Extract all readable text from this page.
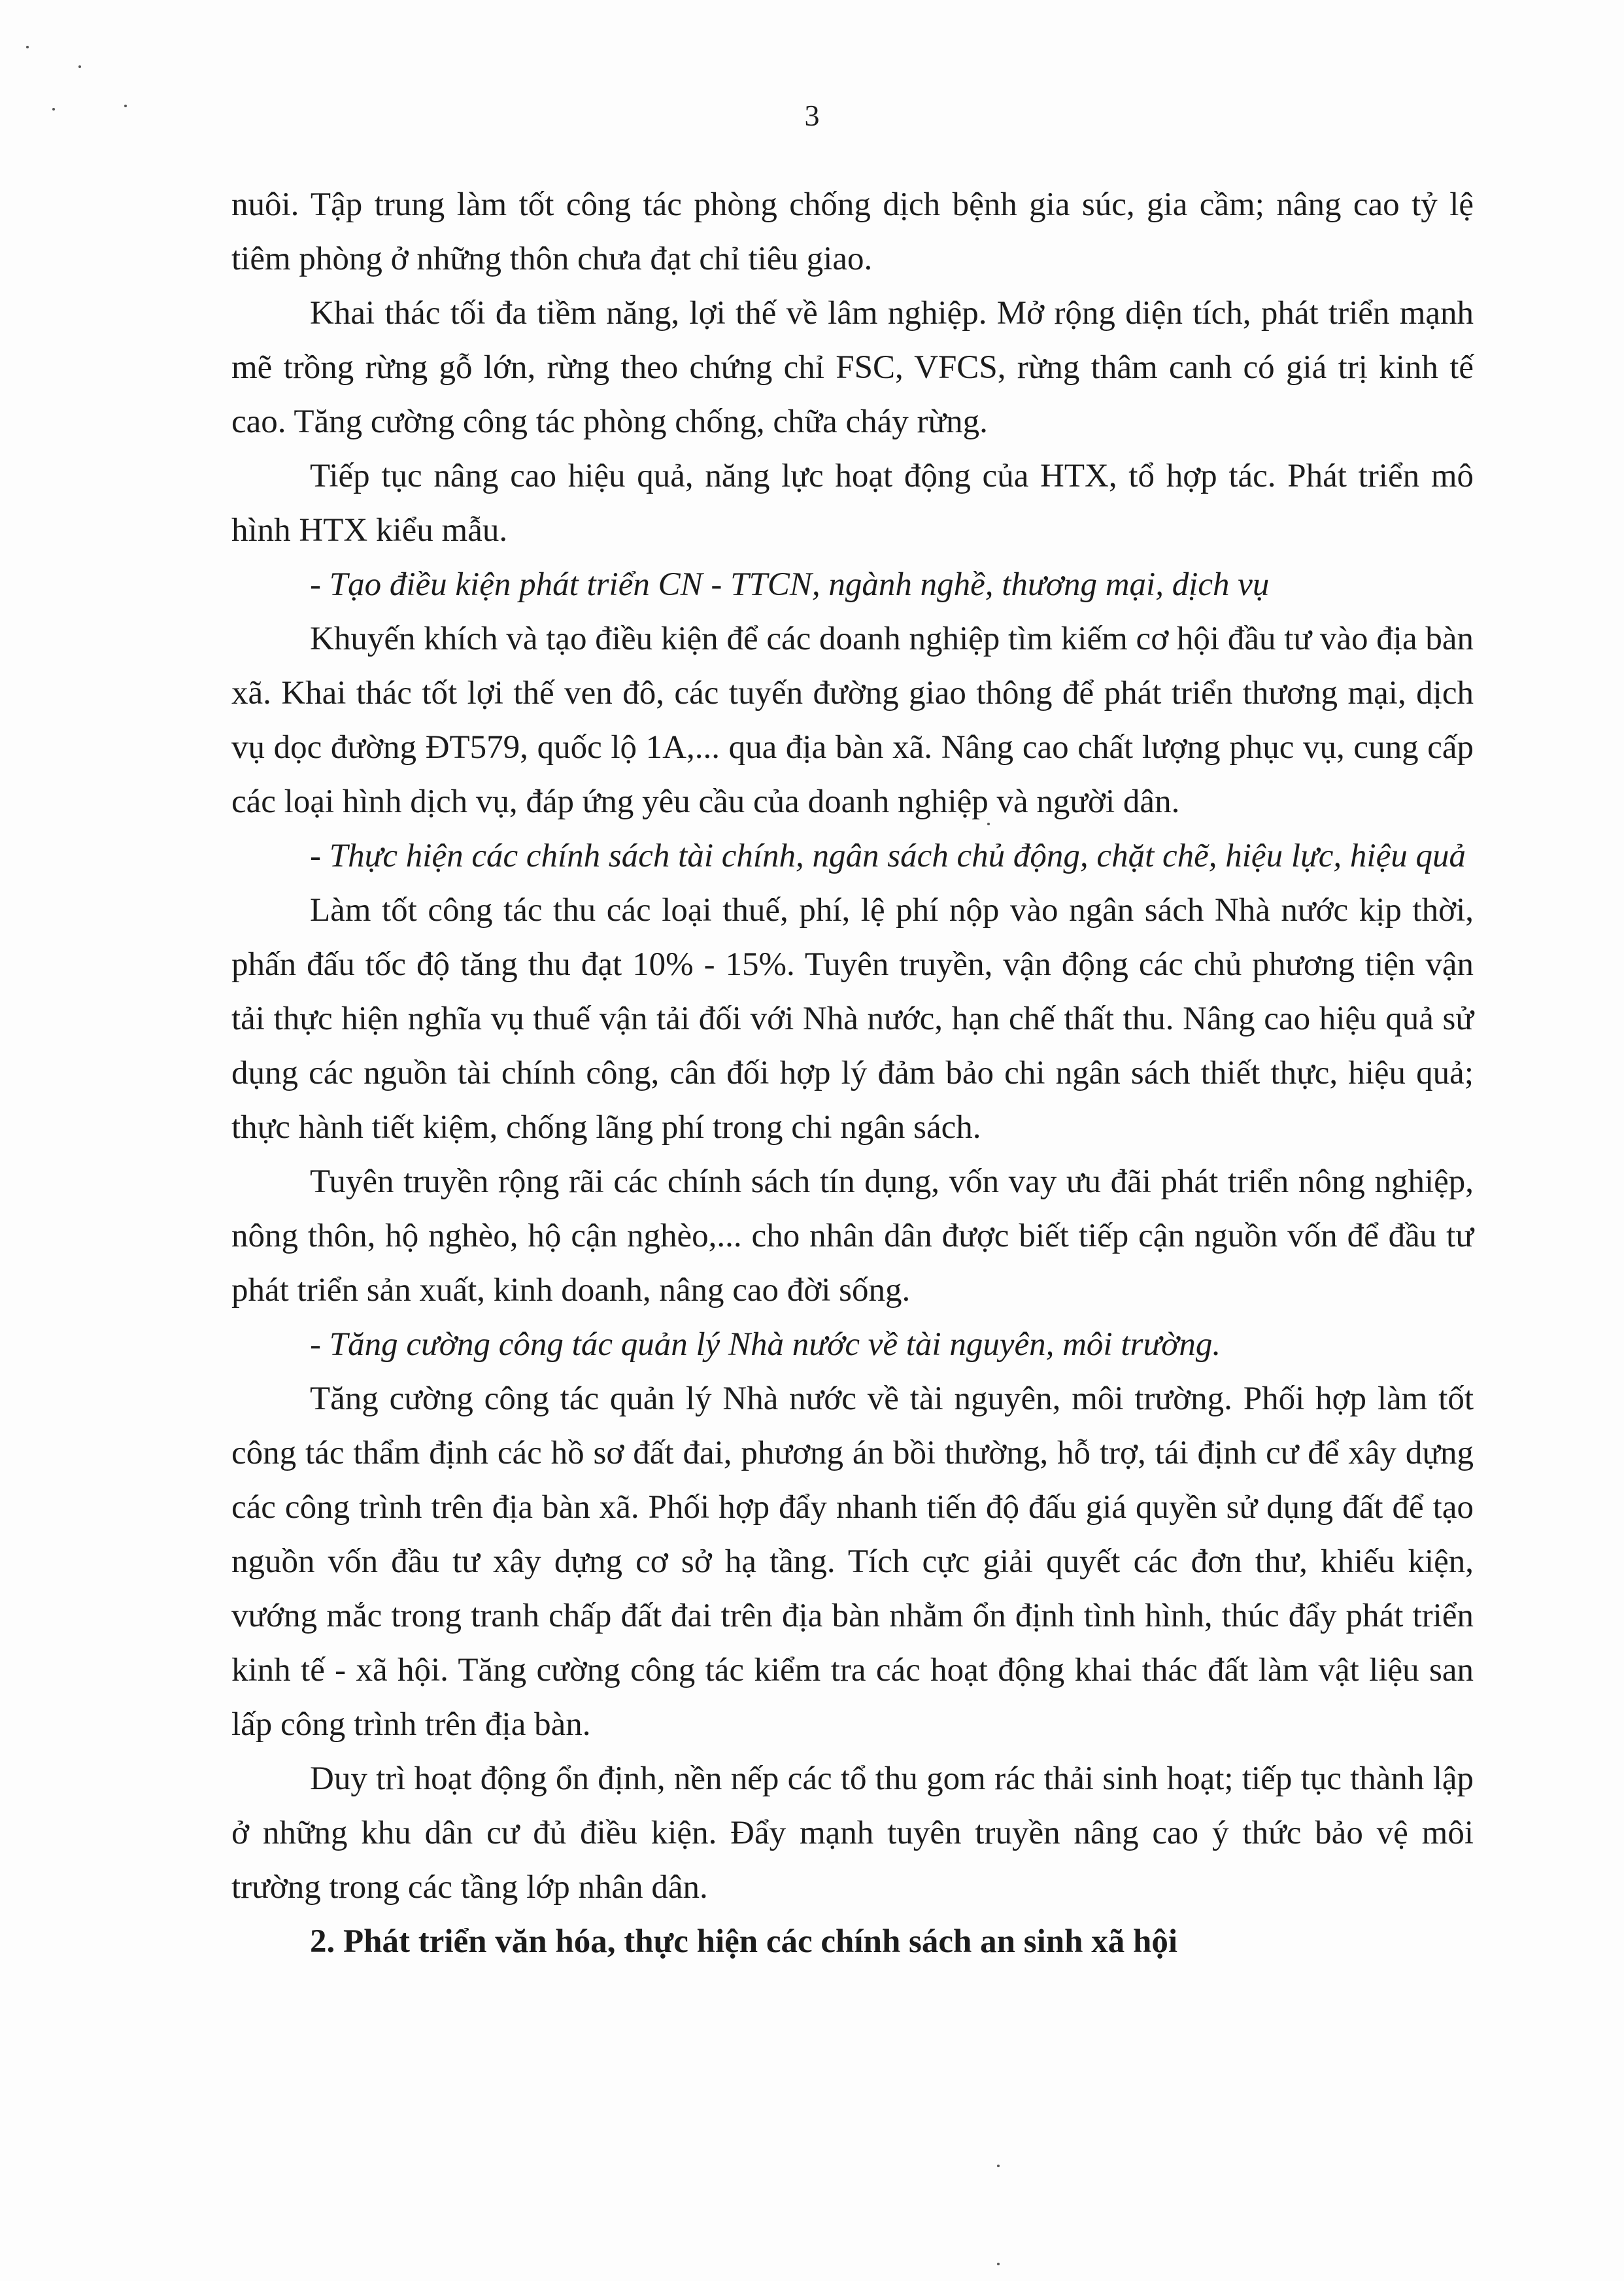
3

nuôi. Tập trung làm tốt công tác phòng chống dịch bệnh gia súc, gia cầm; nâng cao tỷ lệ tiêm phòng ở những thôn chưa đạt chỉ tiêu giao.

Khai thác tối đa tiềm năng, lợi thế về lâm nghiệp. Mở rộng diện tích, phát triển mạnh mẽ trồng rừng gỗ lớn, rừng theo chứng chỉ FSC, VFCS, rừng thâm canh có giá trị kinh tế cao. Tăng cường công tác phòng chống, chữa cháy rừng.

Tiếp tục nâng cao hiệu quả, năng lực hoạt động của HTX, tổ hợp tác. Phát triển mô hình HTX kiểu mẫu.

- Tạo điều kiện phát triển CN - TTCN, ngành nghề, thương mại, dịch vụ

Khuyến khích và tạo điều kiện để các doanh nghiệp tìm kiếm cơ hội đầu tư vào địa bàn xã. Khai thác tốt lợi thế ven đô, các tuyến đường giao thông để phát triển thương mại, dịch vụ dọc đường ĐT579, quốc lộ 1A,... qua địa bàn xã. Nâng cao chất lượng phục vụ, cung cấp các loại hình dịch vụ, đáp ứng yêu cầu của doanh nghiệp và người dân.

- Thực hiện các chính sách tài chính, ngân sách chủ động, chặt chẽ, hiệu lực, hiệu quả

Làm tốt công tác thu các loại thuế, phí, lệ phí nộp vào ngân sách Nhà nước kịp thời, phấn đấu tốc độ tăng thu đạt 10% - 15%. Tuyên truyền, vận động các chủ phương tiện vận tải thực hiện nghĩa vụ thuế vận tải đối với Nhà nước, hạn chế thất thu. Nâng cao hiệu quả sử dụng các nguồn tài chính công, cân đối hợp lý đảm bảo chi ngân sách thiết thực, hiệu quả; thực hành tiết kiệm, chống lãng phí trong chi ngân sách.

Tuyên truyền rộng rãi các chính sách tín dụng, vốn vay ưu đãi phát triển nông nghiệp, nông thôn, hộ nghèo, hộ cận nghèo,... cho nhân dân được biết tiếp cận nguồn vốn để đầu tư phát triển sản xuất, kinh doanh, nâng cao đời sống.

- Tăng cường công tác quản lý Nhà nước về tài nguyên, môi trường.

Tăng cường công tác quản lý Nhà nước về tài nguyên, môi trường. Phối hợp làm tốt công tác thẩm định các hồ sơ đất đai, phương án bồi thường, hỗ trợ, tái định cư để xây dựng các công trình trên địa bàn xã. Phối hợp đẩy nhanh tiến độ đấu giá quyền sử dụng đất để tạo nguồn vốn đầu tư xây dựng cơ sở hạ tầng. Tích cực giải quyết các đơn thư, khiếu kiện, vướng mắc trong tranh chấp đất đai trên địa bàn nhằm ổn định tình hình, thúc đẩy phát triển kinh tế - xã hội. Tăng cường công tác kiểm tra các hoạt động khai thác đất làm vật liệu san lấp công trình trên địa bàn.

Duy trì hoạt động ổn định, nền nếp các tổ thu gom rác thải sinh hoạt; tiếp tục thành lập ở những khu dân cư đủ điều kiện. Đẩy mạnh tuyên truyền nâng cao ý thức bảo vệ môi trường trong các tầng lớp nhân dân.

2. Phát triển văn hóa, thực hiện các chính sách an sinh xã hội
